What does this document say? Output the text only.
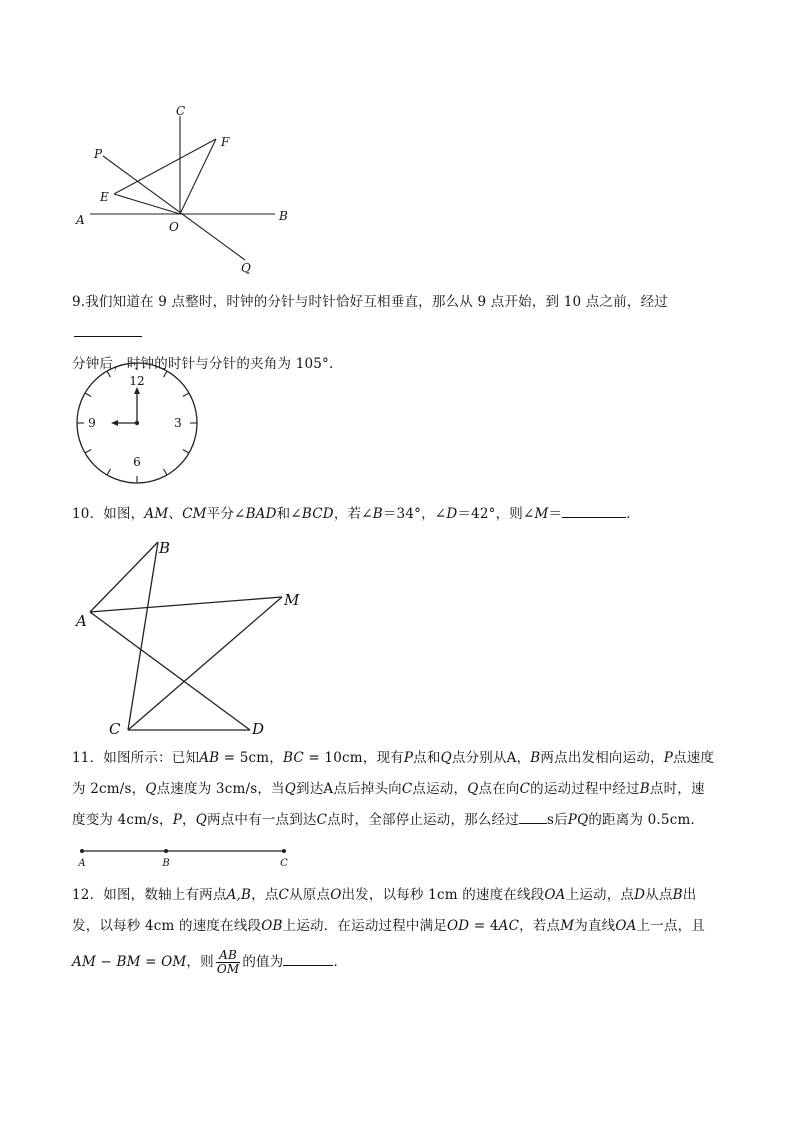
A	B
C
O
P
Q
E
F
9.我们知道在 9 点整时，时钟的分针与时针恰好互相垂直，那么从 9 点开始，到 10 点之前，经过
分钟后，时钟的时针与分针的夹角为 105°.
12
3
6
9
10．如图，AM、CM平分∠BAD和∠BCD，若∠B＝34°，∠D＝42°，则∠M＝	．
A
B
C	D
M
11．如图所示：已知AB = 5cm，BC = 10cm，现有P点和Q点分别从A，B两点出发相向运动，P点速度
为 2cm/s，Q点速度为 3cm/s，当Q到达A点后掉头向C点运动，Q点在向C的运动过程中经过B点时，速
度变为 4cm/s，P，Q两点中有一点到达C点时，全部停止运动，那么经过 s后PQ的距离为 0.5cm．
A	B	C
12．如图，数轴上有两点A,B，点C从原点O出发，以每秒 1cm 的速度在线段OA上运动，点D从点B出
发，以每秒 4cm 的速度在线段OB上运动．在运动过程中满足OD = 4AC，若点M为直线OA上一点，且
AM − BM = OM，则 $\frac{AB}{OM}$ 的值为	．
